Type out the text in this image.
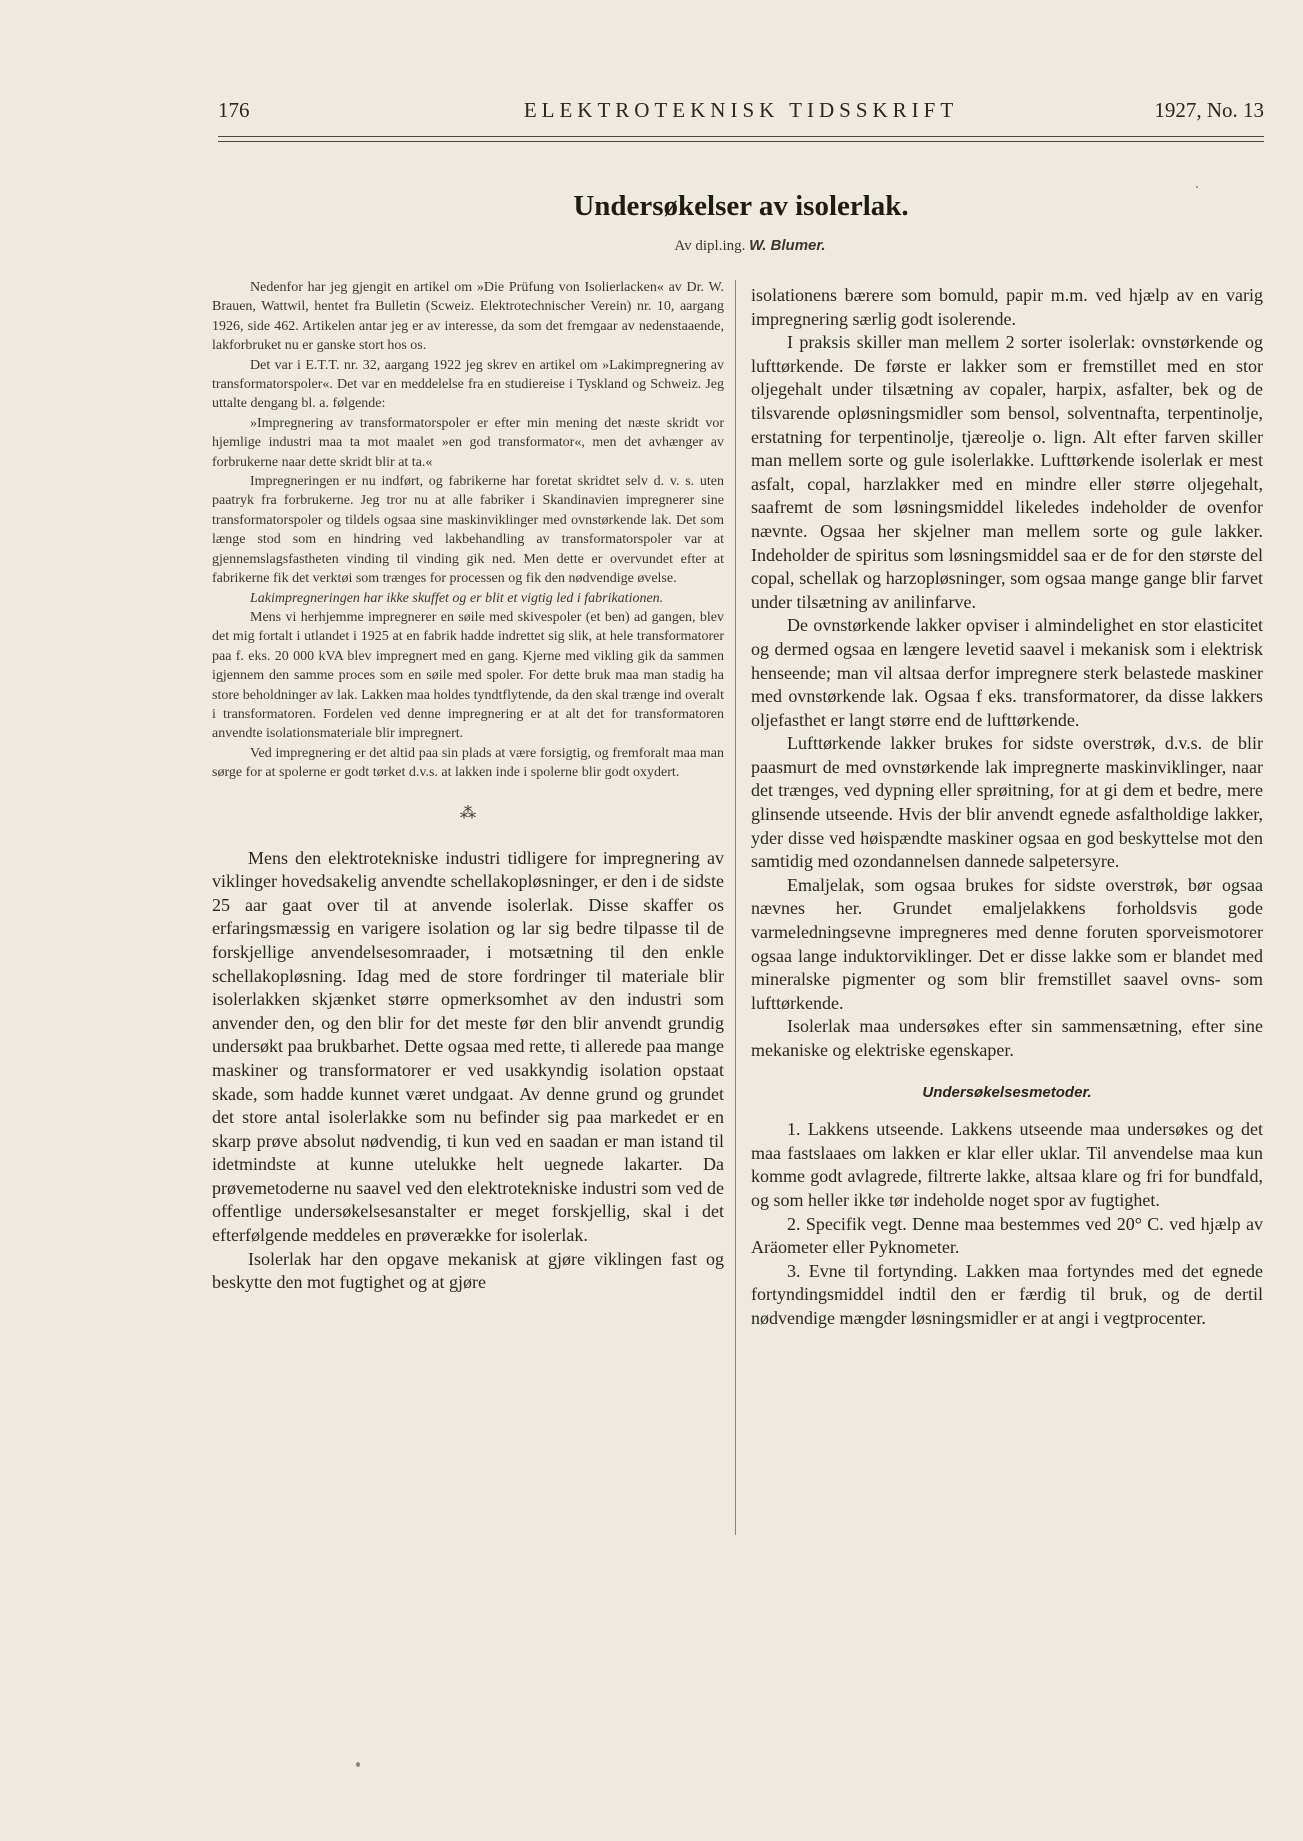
176	ELEKTROTEKNISK TIDSSKRIFT	1927, No. 13
Undersøkelser av isolerlak.
Av dipl.ing. W. Blumer.

Nedenfor har jeg gjengit en artikel om »Die Prüfung von Isolierlacken« av Dr. W. Brauen, Wattwil, hentet fra Bulletin (Scweiz. Elektrotechnischer Verein) nr. 10, aargang 1926, side 462. Artikelen antar jeg er av interesse, da som det fremgaar av nedenstaaende, lakforbruket nu er ganske stort hos os.

Det var i E.T.T. nr. 32, aargang 1922 jeg skrev en artikel om »Lakimpregnering av transformatorspoler«. Det var en meddelelse fra en studiereise i Tyskland og Schweiz. Jeg uttalte dengang bl. a. følgende:

»Impregnering av transformatorspoler er efter min mening det næste skridt vor hjemlige industri maa ta mot maalet »en god transformator«, men det avhænger av forbrukerne naar dette skridt blir at ta.«

Impregneringen er nu indført, og fabrikerne har foretat skridtet selv d. v. s. uten paatryk fra forbrukerne. Jeg tror nu at alle fabriker i Skandinavien impregnerer sine transformatorspoler og tildels ogsaa sine maskinviklinger med ovnstørkende lak. Det som længe stod som en hindring ved lakbehandling av transformatorspoler var at gjennemslagsfastheten vinding til vinding gik ned. Men dette er overvundet efter at fabrikerne fik det verktøi som trænges for processen og fik den nødvendige øvelse.

Lakimpregneringen har ikke skuffet og er blit et vigtig led i fabrikationen.

Mens vi herhjemme impregnerer en søile med skivespoler (et ben) ad gangen, blev det mig fortalt i utlandet i 1925 at en fabrik hadde indrettet sig slik, at hele transformatorer paa f. eks. 20 000 kVA blev impregnert med en gang. Kjerne med vikling gik da sammen igjennem den samme proces som en søile med spoler. For dette bruk maa man stadig ha store beholdninger av lak. Lakken maa holdes tyndtflytende, da den skal trænge ind overalt i transformatoren. Fordelen ved denne impregnering er at alt det for transformatoren anvendte isolationsmateriale blir impregnert.

Ved impregnering er det altid paa sin plads at være forsigtig, og fremforalt maa man sørge for at spolerne er godt tørket d.v.s. at lakken inde i spolerne blir godt oxydert.

⁂

Mens den elektrotekniske industri tidligere for impregnering av viklinger hovedsakelig anvendte schellakopløsninger, er den i de sidste 25 aar gaat over til at anvende isolerlak. Disse skaffer os erfaringsmæssig en varigere isolation og lar sig bedre tilpasse til de forskjellige anvendelsesomraader, i motsætning til den enkle schellakopløsning. Idag med de store fordringer til materiale blir isolerlakken skjænket større opmerksomhet av den industri som anvender den, og den blir for det meste før den blir anvendt grundig undersøkt paa brukbarhet. Dette ogsaa med rette, ti allerede paa mange maskiner og transformatorer er ved usakkyndig isolation opstaat skade, som hadde kunnet været undgaat. Av denne grund og grundet det store antal isolerlakke som nu befinder sig paa markedet er en skarp prøve absolut nødvendig, ti kun ved en saadan er man istand til idetmindste at kunne utelukke helt uegnede lakarter. Da prøvemetoderne nu saavel ved den elektrotekniske industri som ved de offentlige undersøkelsesanstalter er meget forskjellig, skal i det efterfølgende meddeles en prøverække for isolerlak.

Isolerlak har den opgave mekanisk at gjøre viklingen fast og beskytte den mot fugtighet og at gjøre

isolationens bærere som bomuld, papir m.m. ved hjælp av en varig impregnering særlig godt isolerende.

I praksis skiller man mellem 2 sorter isolerlak: ovnstørkende og lufttørkende. De første er lakker som er fremstillet med en stor oljegehalt under tilsætning av copaler, harpix, asfalter, bek og de tilsvarende opløsningsmidler som bensol, solventnafta, terpentinolje, erstatning for terpentinolje, tjæreolje o. lign. Alt efter farven skiller man mellem sorte og gule isolerlakke. Lufttørkende isolerlak er mest asfalt, copal, harzlakker med en mindre eller større oljegehalt, saafremt de som løsningsmiddel likeledes indeholder de ovenfor nævnte. Ogsaa her skjelner man mellem sorte og gule lakker. Indeholder de spiritus som løsningsmiddel saa er de for den største del copal, schellak og harzopløsninger, som ogsaa mange gange blir farvet under tilsætning av anilinfarve.

De ovnstørkende lakker opviser i almindelighet en stor elasticitet og dermed ogsaa en længere levetid saavel i mekanisk som i elektrisk henseende; man vil altsaa derfor impregnere sterk belastede maskiner med ovnstørkende lak. Ogsaa f eks. transformatorer, da disse lakkers oljefasthet er langt større end de lufttørkende.

Lufttørkende lakker brukes for sidste overstrøk, d.v.s. de blir paasmurt de med ovnstørkende lak impregnerte maskinviklinger, naar det trænges, ved dypning eller sprøitning, for at gi dem et bedre, mere glinsende utseende. Hvis der blir anvendt egnede asfaltholdige lakker, yder disse ved høispændte maskiner ogsaa en god beskyttelse mot den samtidig med ozondannelsen dannede salpetersyre.

Emaljelak, som ogsaa brukes for sidste overstrøk, bør ogsaa nævnes her. Grundet emaljelakkens forholdsvis gode varmeledningsevne impregneres med denne foruten sporveismotorer ogsaa lange induktorviklinger. Det er disse lakke som er blandet med mineralske pigmenter og som blir fremstillet saavel ovns- som lufttørkende.

Isolerlak maa undersøkes efter sin sammensætning, efter sine mekaniske og elektriske egenskaper.

Undersøkelsesmetoder.

1. Lakkens utseende. Lakkens utseende maa undersøkes og det maa fastslaaes om lakken er klar eller uklar. Til anvendelse maa kun komme godt avlagrede, filtrerte lakke, altsaa klare og fri for bundfald, og som heller ikke tør indeholde noget spor av fugtighet.

2. Specifik vegt. Denne maa bestemmes ved 20° C. ved hjælp av Aräometer eller Pyknometer.

3. Evne til fortynding. Lakken maa fortyndes med det egnede fortyndingsmiddel indtil den er færdig til bruk, og de dertil nødvendige mængder løsningsmidler er at angi i vegtprocenter.
